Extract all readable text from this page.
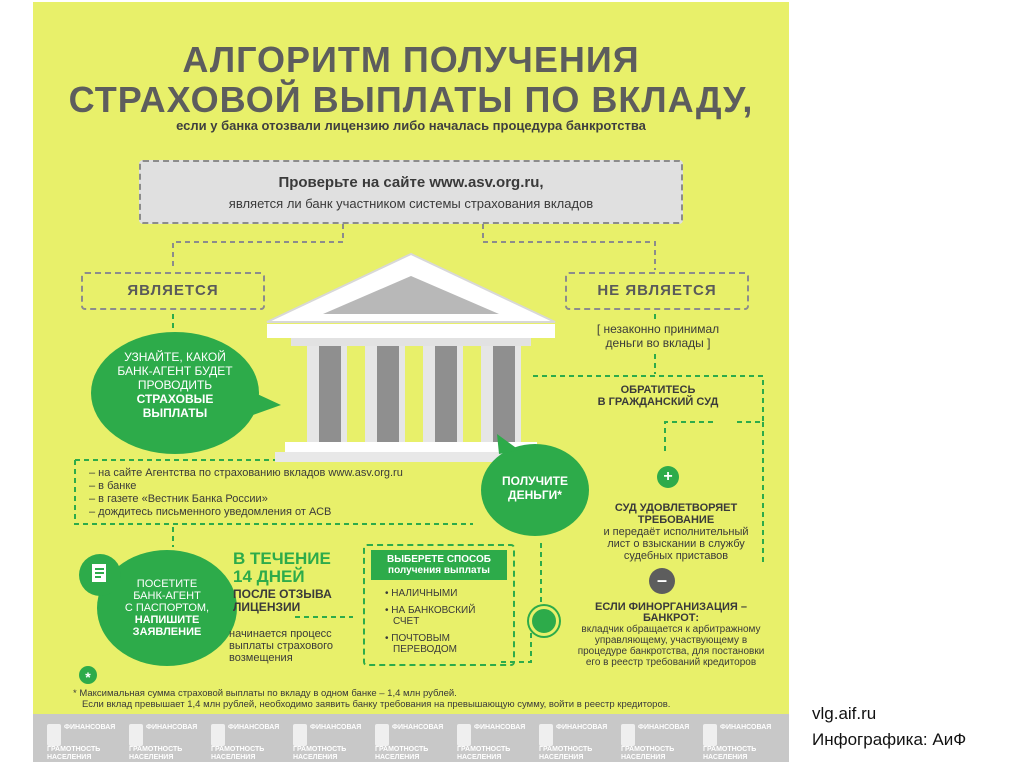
АЛГОРИТМ ПОЛУЧЕНИЯ
СТРАХОВОЙ ВЫПЛАТЫ ПО ВКЛАДУ,
если у банка отозвали лицензию либо началась процедура банкротства
Проверьте на сайте www.asv.org.ru,
является ли банк участником системы страхования вкладов
ЯВЛЯЕТСЯ	НЕ ЯВЛЯЕТСЯ
УЗНАЙТЕ, КАКОЙ
БАНК-АГЕНТ БУДЕТ
ПРОВОДИТЬ
СТРАХОВЫЕ
ВЫПЛАТЫ
[ незаконно принимал
деньги во вклады ]
ОБРАТИТЕСЬ
В ГРАЖДАНСКИЙ СУД
– на сайте Агентства по страхованию вкладов www.asv.org.ru
– в банке
– в газете «Вестник Банка России»
– дождитесь письменного уведомления от АСВ
ПОЛУЧИТЕ
ДЕНЬГИ*
+
–
СУД УДОВЛЕТВОРЯЕТ
ТРЕБОВАНИЕ
и передаёт исполнительный
лист о взыскании в службу
судебных приставов
ПОСЕТИТЕ
БАНК-АГЕНТ
С ПАСПОРТОМ,
НАПИШИТЕ
ЗАЯВЛЕНИЕ
В ТЕЧЕНИЕ
14 ДНЕЙ
ПОСЛЕ ОТЗЫВА
ЛИЦЕНЗИИ
начинается процесс
выплаты страхового
возмещения
ВЫБЕРЕТЕ СПОСОБ
получения выплаты
• НАЛИЧНЫМИ
• НА БАНКОВСКИЙ
СЧЕТ
• ПОЧТОВЫМ
ПЕРЕВОДОМ
ЕСЛИ ФИНОРГАНИЗАЦИЯ –
БАНКРОТ:
вкладчик обращается к арбитражному
управляющему, участвующему в
процедуре банкротства, для постановки
его в реестр требований кредиторов
*
* Максимальная сумма страховой выплаты по вкладу в одном банке – 1,4 млн рублей.
Если вклад превышает 1,4 млн рублей, необходимо заявить банку требования на превышающую сумму, войти в реестр кредиторов.
ФИНАНСОВАЯ
ГРАМОТНОСТЬ
НАСЕЛЕНИЯ
ФИНАНСОВАЯ
ГРАМОТНОСТЬ
НАСЕЛЕНИЯ
ФИНАНСОВАЯ
ГРАМОТНОСТЬ
НАСЕЛЕНИЯ
ФИНАНСОВАЯ
ГРАМОТНОСТЬ
НАСЕЛЕНИЯ
ФИНАНСОВАЯ
ГРАМОТНОСТЬ
НАСЕЛЕНИЯ
ФИНАНСОВАЯ
ГРАМОТНОСТЬ
НАСЕЛЕНИЯ
ФИНАНСОВАЯ
ГРАМОТНОСТЬ
НАСЕЛЕНИЯ
ФИНАНСОВАЯ
ГРАМОТНОСТЬ
НАСЕЛЕНИЯ
ФИНАНСОВАЯ
ГРАМОТНОСТЬ
НАСЕЛЕНИЯ
vlg.aif.ru
Инфографика: АиФ
